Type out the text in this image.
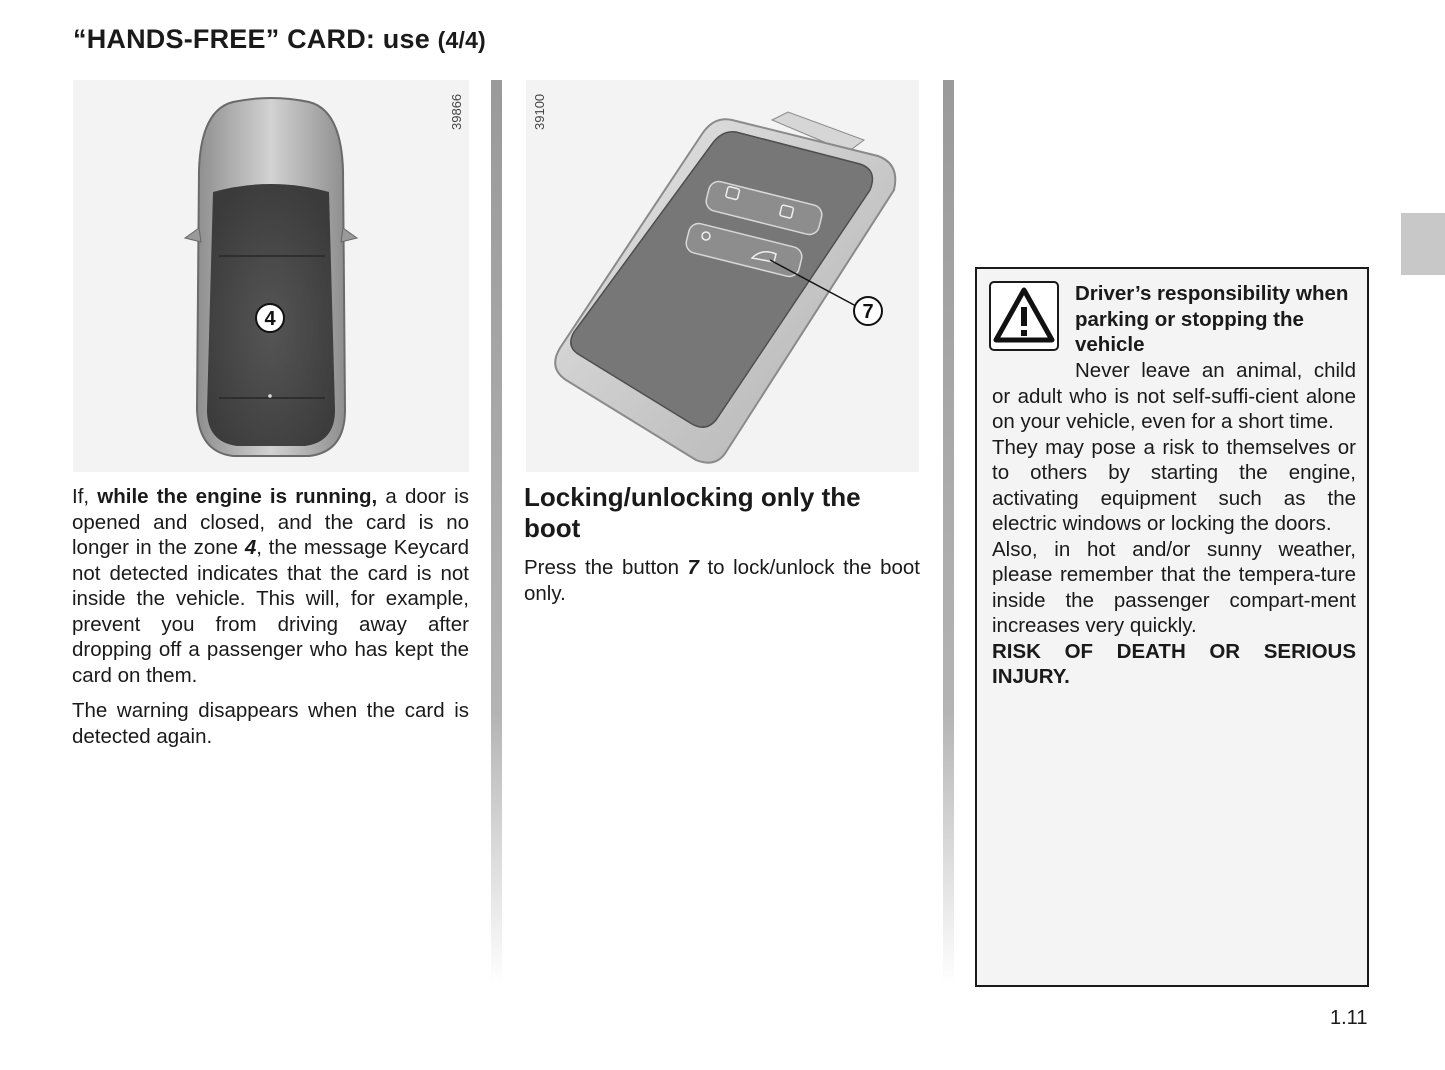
“HANDS-FREE” CARD: use (4/4)
39866
4
39100
7

If, while the engine is running, a door is opened and closed, and the card is no longer in the zone 4, the message Keycard not detected indicates that the card is not inside the vehicle. This will, for example, prevent you from driving away after dropping off a passenger who has kept the card on them.

The warning disappears when the card is detected again.

Locking/unlocking only the boot

Press the button 7 to lock/unlock the boot only.

Driver’s responsibility when parking or stopping the vehicle

Never leave an animal, child or adult who is not self-suffi-cient alone on your vehicle, even for a short time.

They may pose a risk to themselves or to others by starting the engine, activating equipment such as the electric windows or locking the doors.

Also, in hot and/or sunny weather, please remember that the tempera-ture inside the passenger compart-ment increases very quickly.

RISK OF DEATH OR SERIOUS INJURY.

1.11
